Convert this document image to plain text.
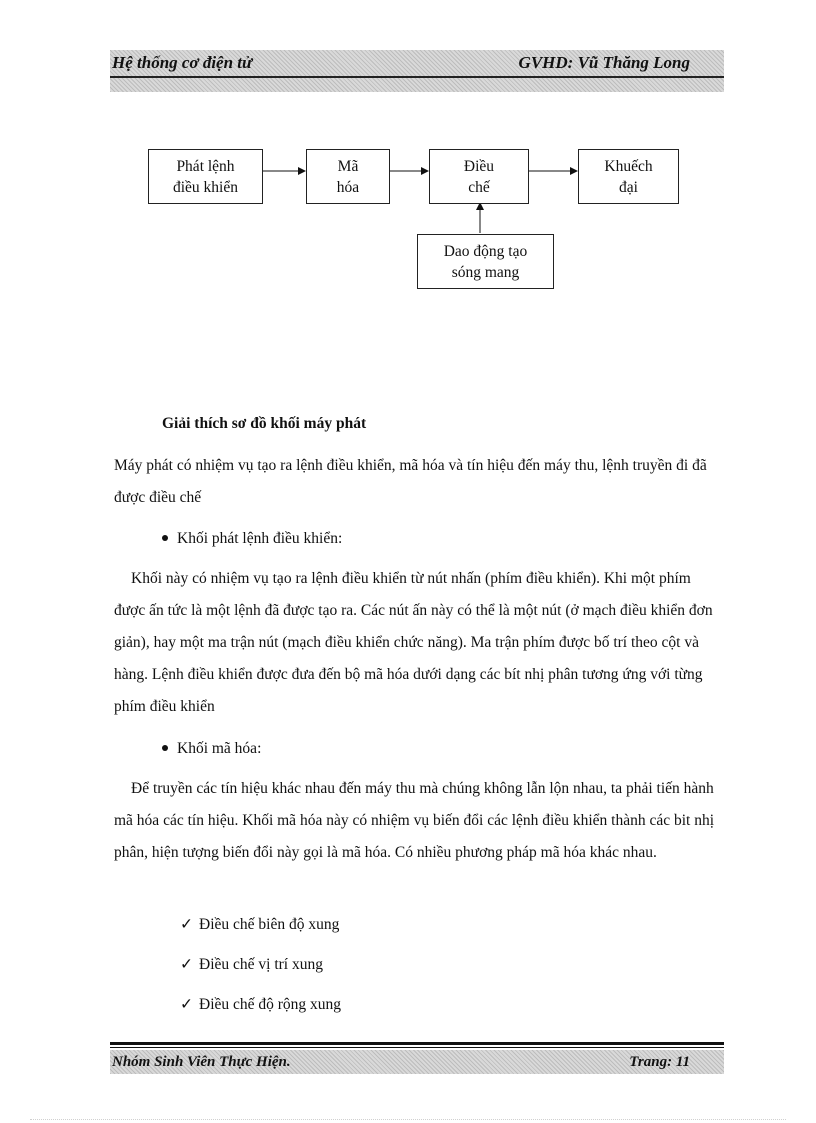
Hệ thống cơ điện tử	GVHD: Vũ Thăng Long
Phát lệnh
điều khiển
Mã
hóa
Điều
chế
Khuếch
đại
Dao động tạo
sóng mang
Giải thích sơ đồ khối máy phát
Máy phát có nhiệm vụ tạo ra lệnh điều khiển, mã hóa và tín hiệu đến máy thu, lệnh truyền đi đã được điều chế
Khối phát lệnh điều khiển:
Khối này có nhiệm vụ tạo ra lệnh điều khiển từ nút nhấn (phím điều khiển). Khi một phím được ấn tức là một lệnh đã được tạo ra. Các nút ấn này có thể là một nút (ở mạch điều khiển đơn giản), hay một ma trận nút (mạch điều khiển chức năng). Ma trận phím được bố trí theo cột và hàng. Lệnh điều khiển được đưa đến bộ mã hóa dưới dạng các bít nhị phân tương ứng với từng phím điều khiển
Khối mã hóa:
Để truyền các tín hiệu khác nhau đến máy thu mà chúng không lẫn lộn nhau, ta phải tiến hành mã hóa các tín hiệu. Khối mã hóa này có nhiệm vụ biến đổi các lệnh điều khiển thành các bit nhị phân, hiện tượng biến đổi này gọi là mã hóa. Có nhiều phương pháp mã hóa khác nhau.
✓ Điều chế biên độ xung
✓ Điều chế vị trí xung
✓ Điều chế độ rộng xung
Nhóm Sinh Viên Thực Hiện.	Trang: 11
